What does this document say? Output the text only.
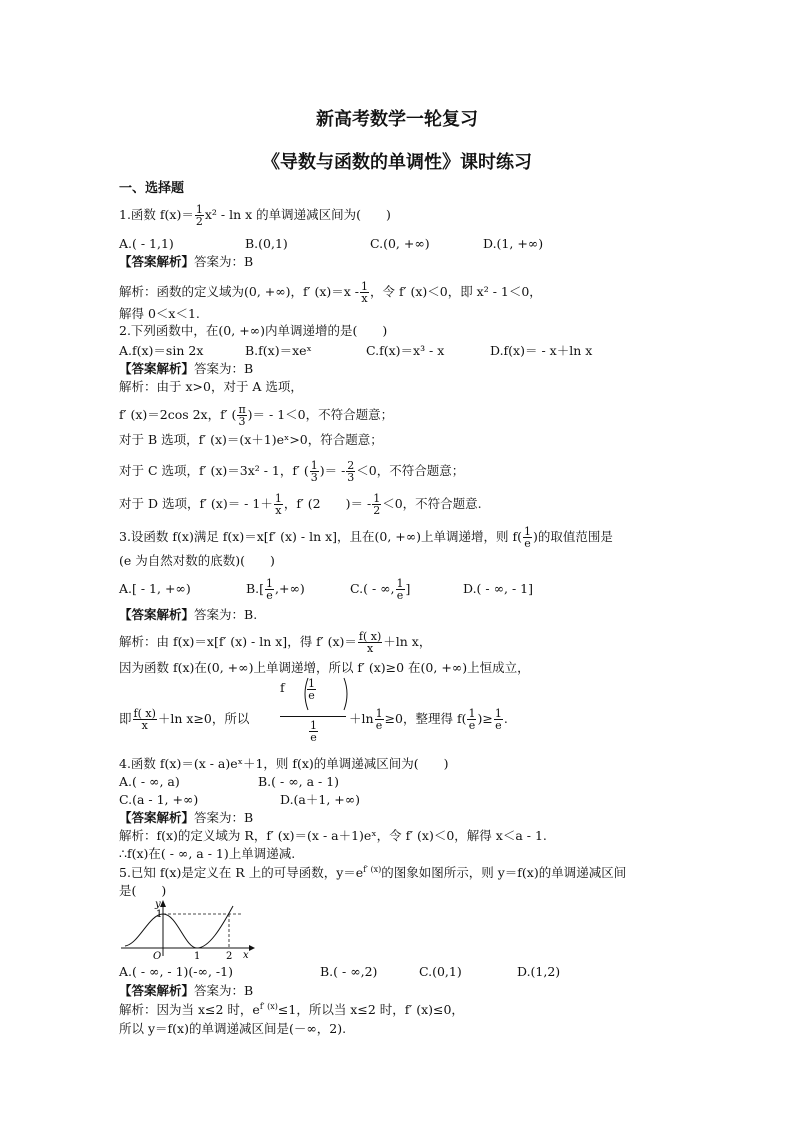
新高考数学一轮复习
《导数与函数的单调性》课时练习
一、选择题
1.函数 $f(x)= \frac{1}{2} x^2 - \ln x$ 的单调递减区间为(　　)
A.( - 1,1)	B.(0,1)	C.(0, +∞)	D.(1, +∞)
【答案解析】答案为：B
解析：函数的定义域为(0, +∞)，f′ $(x)=x - \frac{1}{x}$ ，令 f′ (x)＜0，即 x² - 1＜0，
解得 0＜x＜1.
2.下列函数中，在(0, +∞)内单调递增的是(　　)
A.f(x)＝sin 2x	B.f(x)＝xeˣ	C.f(x)＝x³ - x	D.f(x)＝ - x＋ln x
【答案解析】答案为：B
解析：由于 x>0，对于 A 选项，
f′ (x)＝2cos 2x，f′ ( $\frac{\pi}{3}$ )＝ - 1＜0，不符合题意；
对于 B 选项，f′ (x)＝(x＋1)eˣ>0，符合题意；
对于 C 选项，f′ (x)＝3x² - 1，f′ ( $\frac{1}{3}$ )＝ - $\frac{2}{3} <0$，不符合题意；
对于 D 选项，f′ $(x)= - 1+ \frac{1}{x}$ ，f′ (2　　)＝ - $\frac{1}{2} <0$，不符合题意.
3.设函数 f(x)满足 f(x)＝x[f′ (x) - ln x]，且在(0, +∞)上单调递增，则 $f( \frac{1}{e}$ )的取值范围是
(e 为自然对数的底数)(　　)
A.[ - 1, +∞)	$B.[ \frac{1}{e}$ ,+∞)	C.( - ∞, $\frac{1}{e}$ ]	D.( - ∞, - 1]
【答案解析】答案为：B.
解析：由 f(x)＝x[f′ (x) - ln x]，得 f′ $(x)= \frac{f( x)}{x} +\ln$ x，
因为函数 f(x)在(0, +∞)上单调递增，所以 f′ (x)≥0 在(0, +∞)上恒成立，
即 $\frac{f( x)}{x} +\ln$ x≥0，所以
f $\frac{1}{e}$
$\frac{1}{e}$
$+\ln \frac{1}{e} \ge 0$，整理得 $f( \frac{1}{e}$ )≥ $\frac{1}{e}$ .
4.函数 f(x)＝(x - a)eˣ＋1，则 f(x)的单调递减区间为(　　)
A.( - ∞, a)	B.( - ∞, a - 1)
C.(a - 1, +∞)	D.(a＋1, +∞)
【答案解析】答案为：B
解析：f(x)的定义域为 R，f′ (x)＝(x - a＋1)eˣ，令 f′ (x)＜0，解得 x＜a - 1.
∴f(x)在( - ∞, a - 1)上单调递减.
5.已知 f(x)是定义在 R 上的可导函数，$y=e^{f' (x)}$的图象如图所示，则 y＝f(x)的单调递减区间
是(　　)
y
1
O	1	2 x
A.( - ∞, - 1)(-∞, -1)	B.( - ∞,2)	C.(0,1)	D.(1,2)
【答案解析】答案为：B
解析：因为当 x≤2 时，$e^{f' (x)}\le 1$，所以当 x≤2 时，f′ (x)≤0，
所以 y＝f(x)的单调递减区间是(－∞，2).
